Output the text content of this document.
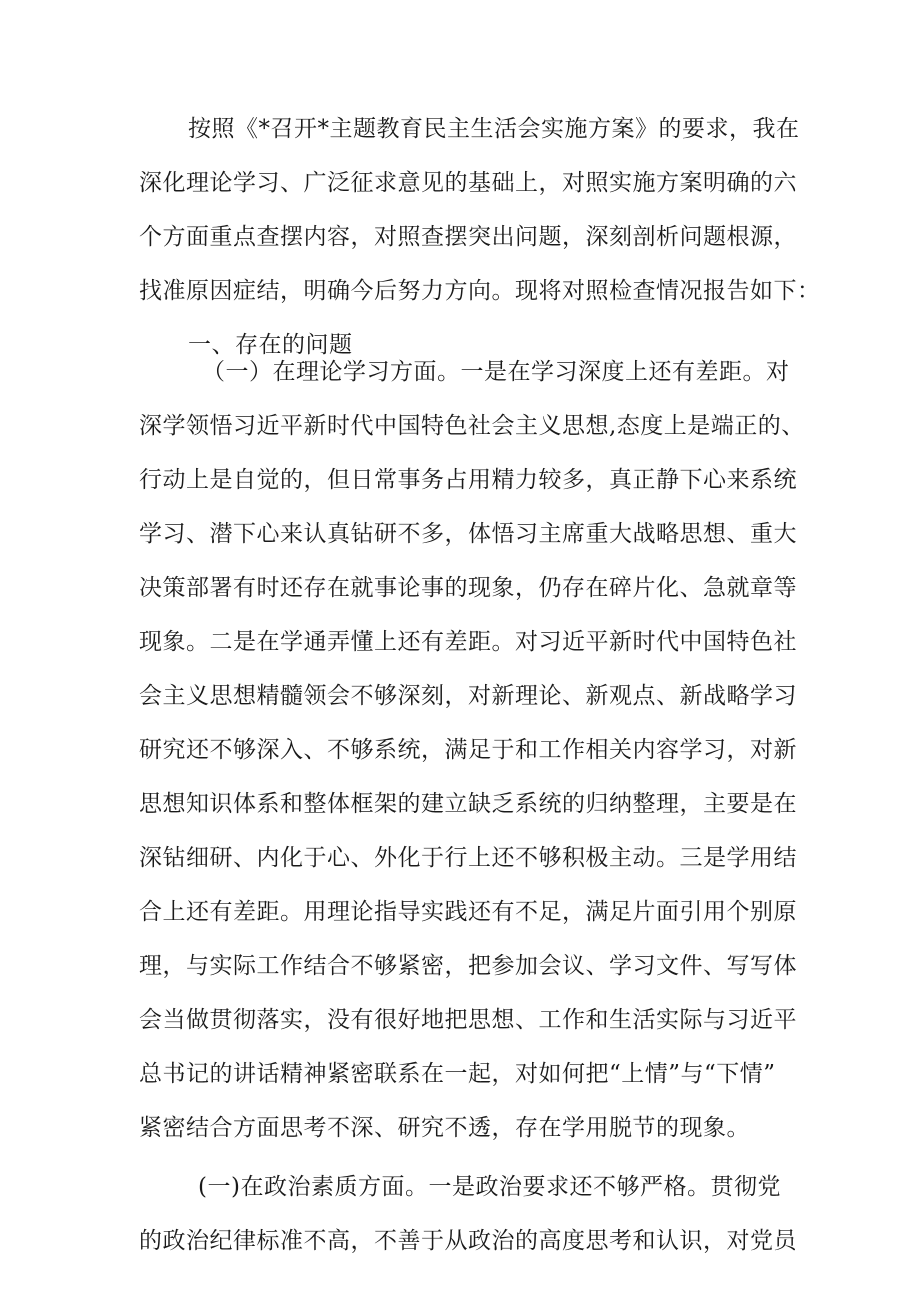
按照《*召开*主题教育民主生活会实施方案》的要求，我在
深化理论学习、广泛征求意见的基础上，对照实施方案明确的六
个方面重点查摆内容，对照查摆突出问题，深刻剖析问题根源，
找准原因症结，明确今后努力方向。现将对照检查情况报告如下：
一、存在的问题
（一）在理论学习方面。一是在学习深度上还有差距。对
深学领悟习近平新时代中国特色社会主义思想,态度上是端正的、
行动上是自觉的，但日常事务占用精力较多，真正静下心来系统
学习、潜下心来认真钻研不多，体悟习主席重大战略思想、重大
决策部署有时还存在就事论事的现象，仍存在碎片化、急就章等
现象。二是在学通弄懂上还有差距。对习近平新时代中国特色社
会主义思想精髓领会不够深刻，对新理论、新观点、新战略学习
研究还不够深入、不够系统，满足于和工作相关内容学习，对新
思想知识体系和整体框架的建立缺乏系统的归纳整理，主要是在
深钻细研、内化于心、外化于行上还不够积极主动。三是学用结
合上还有差距。用理论指导实践还有不足，满足片面引用个别原
理，与实际工作结合不够紧密，把参加会议、学习文件、写写体
会当做贯彻落实，没有很好地把思想、工作和生活实际与习近平
总书记的讲话精神紧密联系在一起，对如何把“上情”与“下情”
紧密结合方面思考不深、研究不透，存在学用脱节的现象。
(一)在政治素质方面。一是政治要求还不够严格。贯彻党
的政治纪律标准不高，不善于从政治的高度思考和认识，对党员
